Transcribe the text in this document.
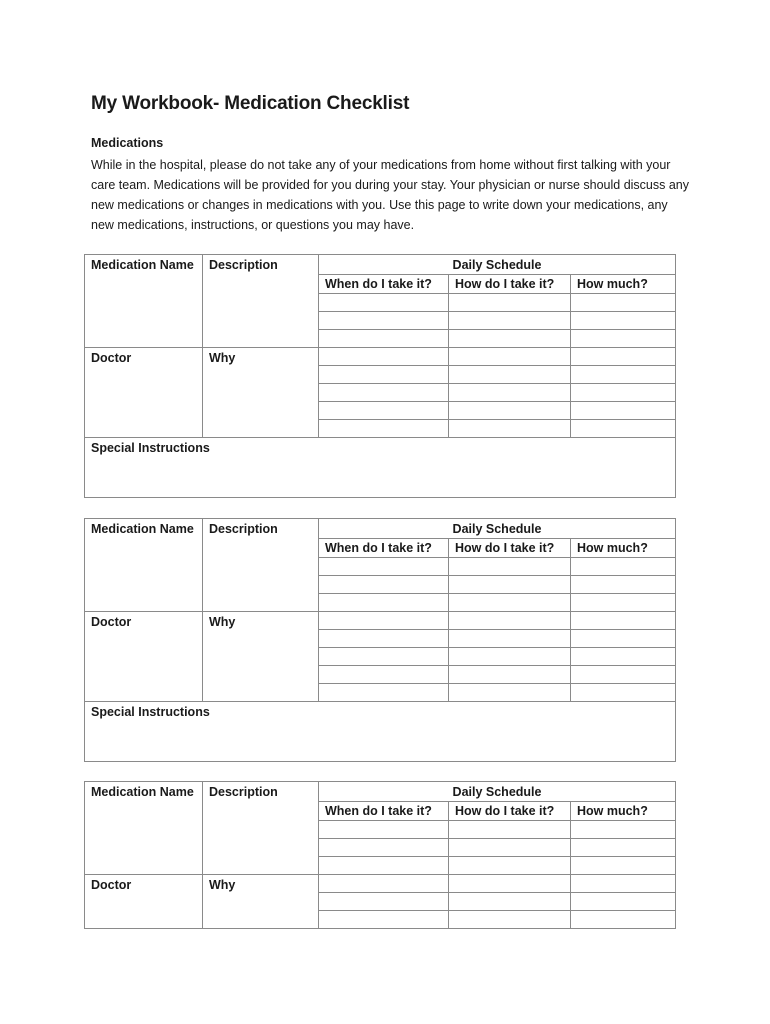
My Workbook- Medication Checklist

Medications

While in the hospital, please do not take any of your medications from home without first talking with your care team. Medications will be provided for you during your stay. Your physician or nurse should discuss any new medications or changes in medications with you. Use this page to write down your medications, any new medications, instructions, or questions you may have.

Medication Name	Description	Daily Schedule		
		When do I take it?	How do I take it?	How much?

Doctor	Why			

Special Instructions				
Medication Name	Description	Daily Schedule		
		When do I take it?	How do I take it?	How much?

Doctor	Why			

Special Instructions				
Medication Name	Description	Daily Schedule		
		When do I take it?	How do I take it?	How much?

Doctor	Why			
